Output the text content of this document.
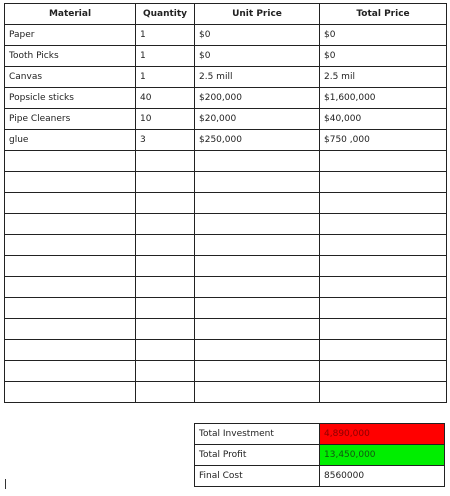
Material	Quantity	Unit Price	Total Price
Paper	1	$0	$0
Tooth Picks	1	$0	$0
Canvas	1	2.5 mill	2.5 mil
Popsicle sticks	40	$200,000	$1,600,000
Pipe Cleaners	10	$20,000	$40,000
glue	3	$250,000	$750 ,000

Total Investment	4,890,000
Total Profit	13,450,000
Final Cost	8560000
